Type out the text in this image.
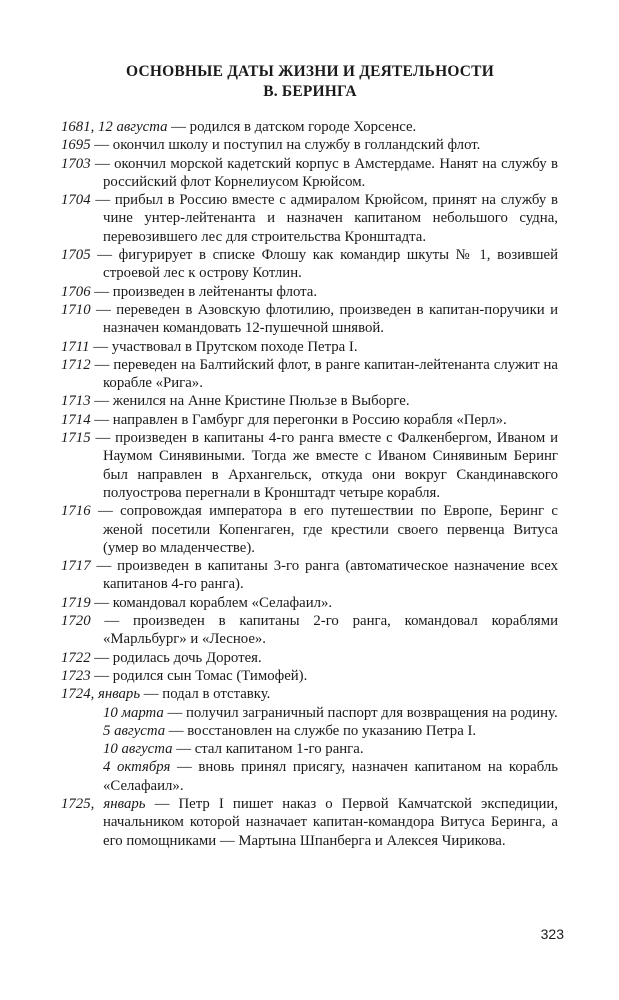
ОСНОВНЫЕ ДАТЫ ЖИЗНИ И ДЕЯТЕЛЬНОСТИ
В. БЕРИНГА
1681, 12 августа — родился в датском городе Хорсенсе.
1695 — окончил школу и поступил на службу в голландский флот.
1703 — окончил морской кадетский корпус в Амстердаме. Нанят на службу в российский флот Корнелиусом Крюйсом.
1704 — прибыл в Россию вместе с адмиралом Крюйсом, принят на службу в чине унтер-лейтенанта и назначен капитаном небольшого судна, перевозившего лес для строительства Кронштадта.
1705 — фигурирует в списке Флошу как командир шкуты № 1, возившей строевой лес к острову Котлин.
1706 — произведен в лейтенанты флота.
1710 — переведен в Азовскую флотилию, произведен в капитан-поручики и назначен командовать 12-пушечной шнявой.
1711 — участвовал в Прутском походе Петра I.
1712 — переведен на Балтийский флот, в ранге капитан-лейтенанта служит на корабле «Рига».
1713 — женился на Анне Кристине Пюльзе в Выборге.
1714 — направлен в Гамбург для перегонки в Россию корабля «Перл».
1715 — произведен в капитаны 4-го ранга вместе с Фалкенбергом, Иваном и Наумом Синявиными. Тогда же вместе с Иваном Синявиным Беринг был направлен в Архангельск, откуда они вокруг Скандинавского полуострова перегнали в Кронштадт четыре корабля.
1716 — сопровождая императора в его путешествии по Европе, Беринг с женой посетили Копенгаген, где крестили своего первенца Витуса (умер во младенчестве).
1717 — произведен в капитаны 3-го ранга (автоматическое назначение всех капитанов 4-го ранга).
1719 — командовал кораблем «Селафаил».
1720 — произведен в капитаны 2-го ранга, командовал кораблями «Марльбург» и «Лесное».
1722 — родилась дочь Доротея.
1723 — родился сын Томас (Тимофей).
1724, январь — подал в отставку.
10 марта — получил заграничный паспорт для возвращения на родину.
5 августа — восстановлен на службе по указанию Петра I.
10 августа — стал капитаном 1-го ранга.
4 октября — вновь принял присягу, назначен капитаном на корабль «Селафаил».
1725, январь — Петр I пишет наказ о Первой Камчатской экспедиции, начальником которой назначает капитан-командора Витуса Беринга, а его помощниками — Мартына Шпанберга и Алексея Чирикова.
323
